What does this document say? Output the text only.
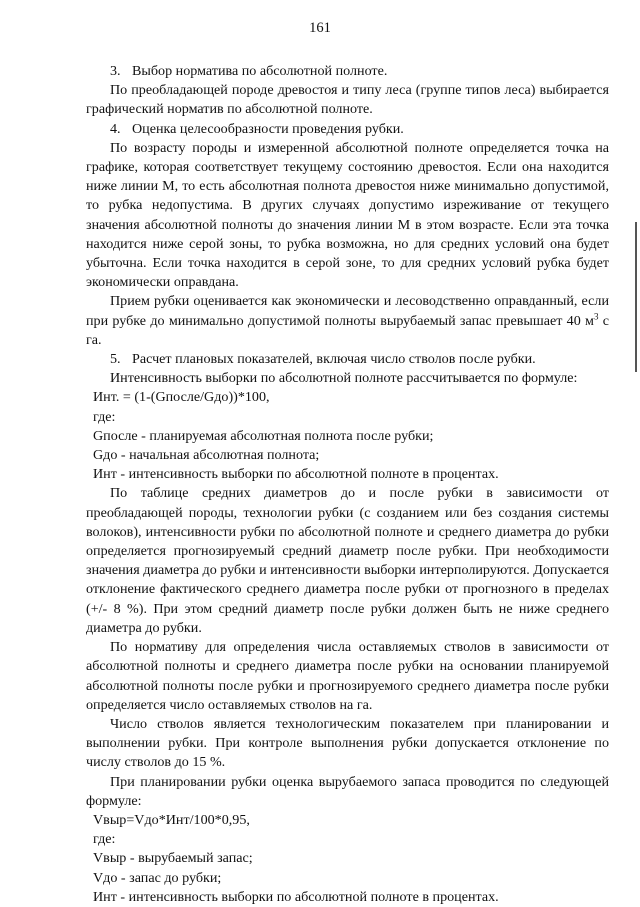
161

3. Выбор норматива по абсолютной полноте.

По преобладающей породе древостоя и типу леса (группе типов леса) выбирается графический норматив по абсолютной полноте.

4. Оценка целесообразности проведения рубки.

По возрасту породы и измеренной абсолютной полноте определяется точка на графике, которая соответствует текущему состоянию древостоя. Если она находится ниже линии М, то есть абсолютная полнота древостоя ниже минимально допустимой, то рубка недопустима. В других случаях допустимо изреживание от текущего значения абсолютной полноты до значения линии М в этом возрасте. Если эта точка находится ниже серой зоны, то рубка возможна, но для средних условий она будет убыточна. Если точка находится в серой зоне, то для средних условий рубка будет экономически оправдана.

Прием рубки оценивается как экономически и лесоводственно оправданный, если при рубке до минимально допустимой полноты вырубаемый запас превышает 40 $м^3$ с га.

5. Расчет плановых показателей, включая число стволов после рубки.

Интенсивность выборки по абсолютной полноте рассчитывается по формуле:

Инт. = (1-(Gпосле/Gдо))*100,

где:

Gпосле - планируемая абсолютная полнота после рубки;

Gдо - начальная абсолютная полнота;

Инт - интенсивность выборки по абсолютной полноте в процентах.

По таблице средних диаметров до и после рубки в зависимости от преобладающей породы, технологии рубки (с созданием или без создания системы волоков), интенсивности рубки по абсолютной полноте и среднего диаметра до рубки определяется прогнозируемый средний диаметр после рубки. При необходимости значения диаметра до рубки и интенсивности выборки интерполируются. Допускается отклонение фактического среднего диаметра после рубки от прогнозного в пределах (+/- 8 %). При этом средний диаметр после рубки должен быть не ниже среднего диаметра до рубки.

По нормативу для определения числа оставляемых стволов в зависимости от абсолютной полноты и среднего диаметра после рубки на основании планируемой абсолютной полноты после рубки и прогнозируемого среднего диаметра после рубки определяется число оставляемых стволов на га.

Число стволов является технологическим показателем при планировании и выполнении рубки. При контроле выполнения рубки допускается отклонение по числу стволов до 15 %.

При планировании рубки оценка вырубаемого запаса проводится по следующей формуле:

Vвыр=Vдо*Инт/100*0,95,

где:

Vвыр - вырубаемый запас;

Vдо - запас до рубки;

Инт - интенсивность выборки по абсолютной полноте в процентах.
